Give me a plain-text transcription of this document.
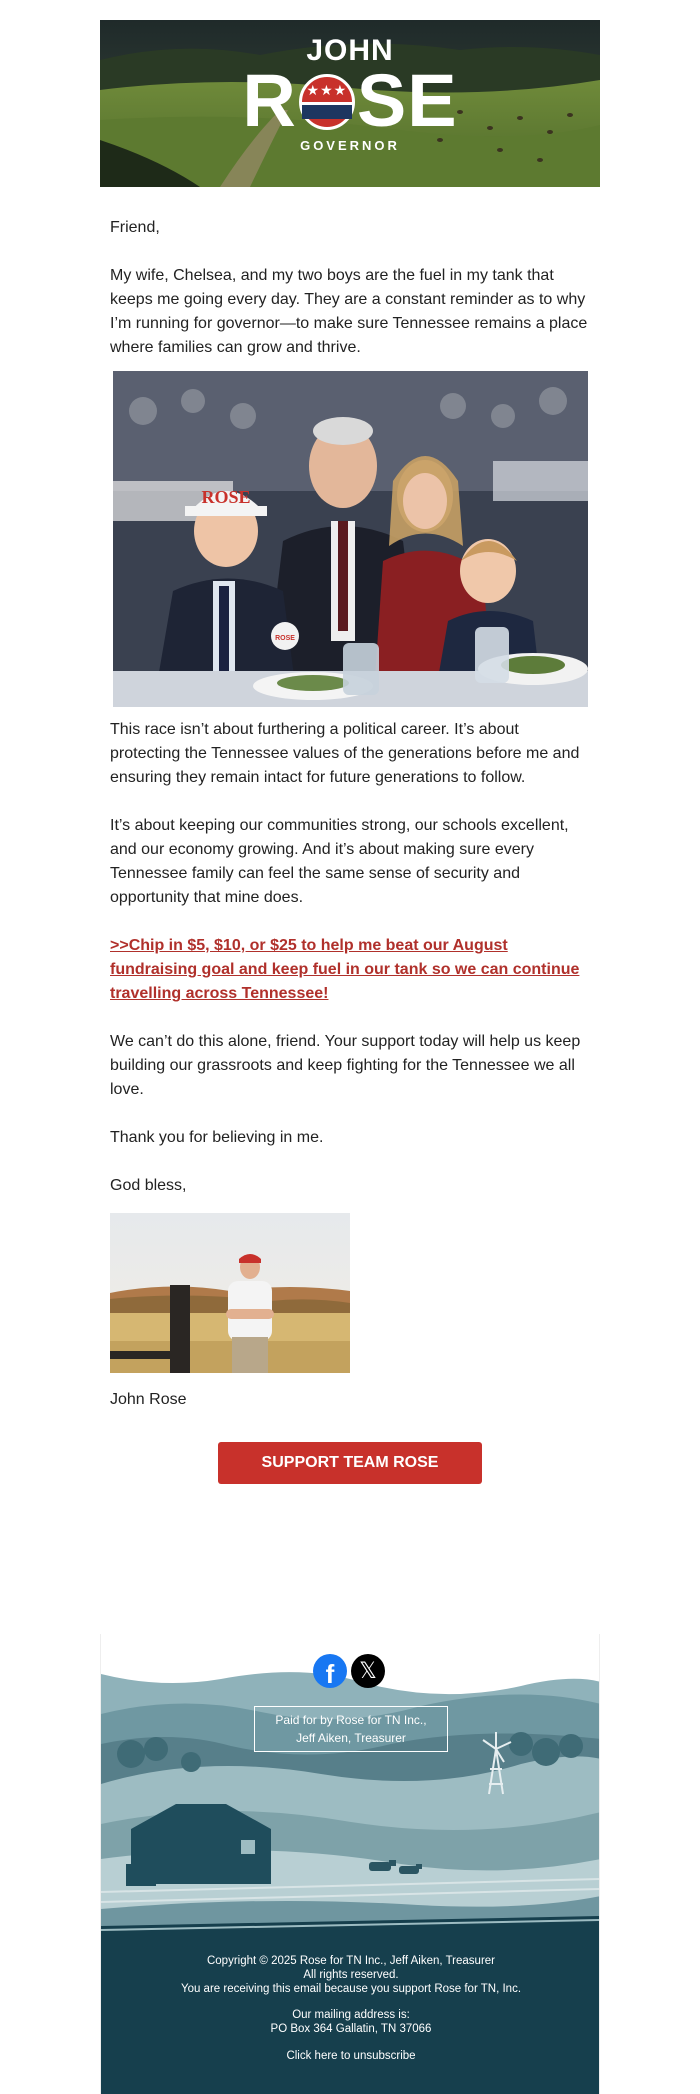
JOHN
R ★★★ SE
GOVERNOR

Friend,

My wife, Chelsea, and my two boys are the fuel in my tank that keeps me going every day. They are a constant reminder as to why I’m running for governor—to make sure Tennessee remains a place where families can grow and thrive.

ROSE
ROSE

This race isn’t about furthering a political career. It’s about protecting the Tennessee values of the generations before me and ensuring they remain intact for future generations to follow.

It’s about keeping our communities strong, our schools excellent, and our economy growing. And it’s about making sure every Tennessee family can feel the same sense of security and opportunity that mine does.

>>Chip in $5, $10, or $25 to help me beat our August fundraising goal and keep fuel in our tank so we can continue travelling across Tennessee!

We can’t do this alone, friend. Your support today will help us keep building our grassroots and keep fighting for the Tennessee we all love.

Thank you for believing in me.

God bless,

John Rose

SUPPORT TEAM ROSE
f	𝕏
Paid for by Rose for TN Inc.,
Jeff Aiken, Treasurer
Copyright © 2025 Rose for TN Inc., Jeff Aiken, Treasurer
All rights reserved.
You are receiving this email because you support Rose for TN, Inc.
Our mailing address is:
PO Box 364 Gallatin, TN 37066
Click here to unsubscribe
